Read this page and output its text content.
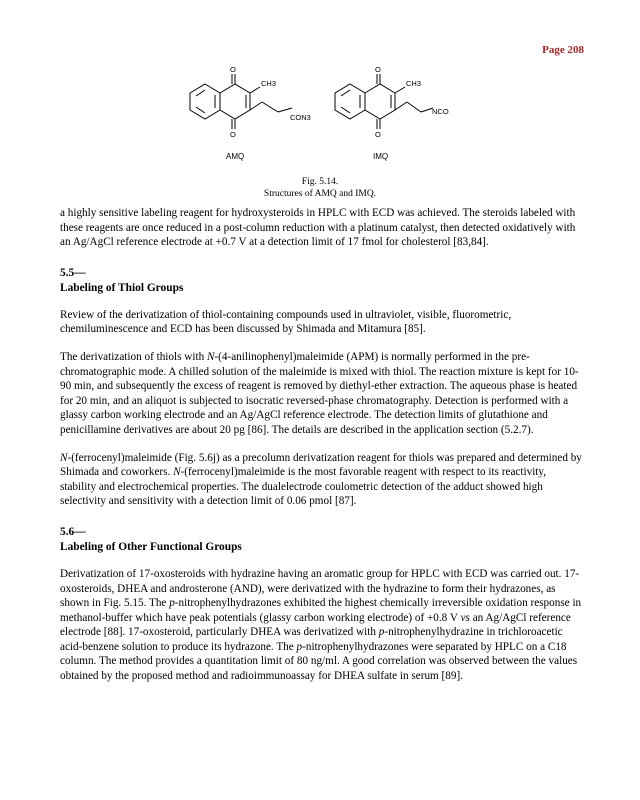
Page 208
O
O
CH3
CON3
AMQ
O
O
CH3
NCO
IMQ
Fig. 5.14.
Structures of AMQ and IMQ.

a highly sensitive labeling reagent for hydroxysteroids in HPLC with ECD was achieved. The steroids labeled with these reagents are once reduced in a post-column reduction with a platinum catalyst, then detected oxidatively with an Ag/AgCl reference electrode at +0.7 V at a detection limit of 17 fmol for cholesterol [83,84].

5.5—
Labeling of Thiol Groups

Review of the derivatization of thiol-containing compounds used in ultraviolet, visible, fluorometric, chemiluminescence and ECD has been discussed by Shimada and Mitamura [85].

The derivatization of thiols with N-(4-anilinophenyl)maleimide (APM) is normally performed in the pre-chromatographic mode. A chilled solution of the maleimide is mixed with thiol. The reaction mixture is kept for 10-90 min, and subsequently the excess of reagent is removed by diethyl-ether extraction. The aqueous phase is heated for 20 min, and an aliquot is subjected to isocratic reversed-phase chromatography. Detection is performed with a glassy carbon working electrode and an Ag/AgCl reference electrode. The detection limits of glutathione and penicillamine derivatives are about 20 pg [86]. The details are described in the application section (5.2.7).

N-(ferrocenyl)maleimide (Fig. 5.6j) as a precolumn derivatization reagent for thiols was prepared and determined by Shimada and coworkers. N-(ferrocenyl)maleimide is the most favorable reagent with respect to its reactivity, stability and electrochemical properties. The dualelectrode coulometric detection of the adduct showed high selectivity and sensitivity with a detection limit of 0.06 pmol [87].

5.6—
Labeling of Other Functional Groups

Derivatization of 17-oxosteroids with hydrazine having an aromatic group for HPLC with ECD was carried out. 17-oxosteroids, DHEA and androsterone (AND), were derivatized with the hydrazine to form their hydrazones, as shown in Fig. 5.15. The p-nitrophenylhydrazones exhibited the highest chemically irreversible oxidation response in methanol-buffer which have peak potentials (glassy carbon working electrode) of +0.8 V vs an Ag/AgCl reference electrode [88]. 17-oxosteroid, particularly DHEA was derivatized with p-nitrophenylhydrazine in trichloroacetic acid-benzene solution to produce its hydrazone. The p-nitrophenylhydrazones were separated by HPLC on a C18 column. The method provides a quantitation limit of 80 ng/ml. A good correlation was observed between the values obtained by the proposed method and radioimmunoassay for DHEA sulfate in serum [89].
